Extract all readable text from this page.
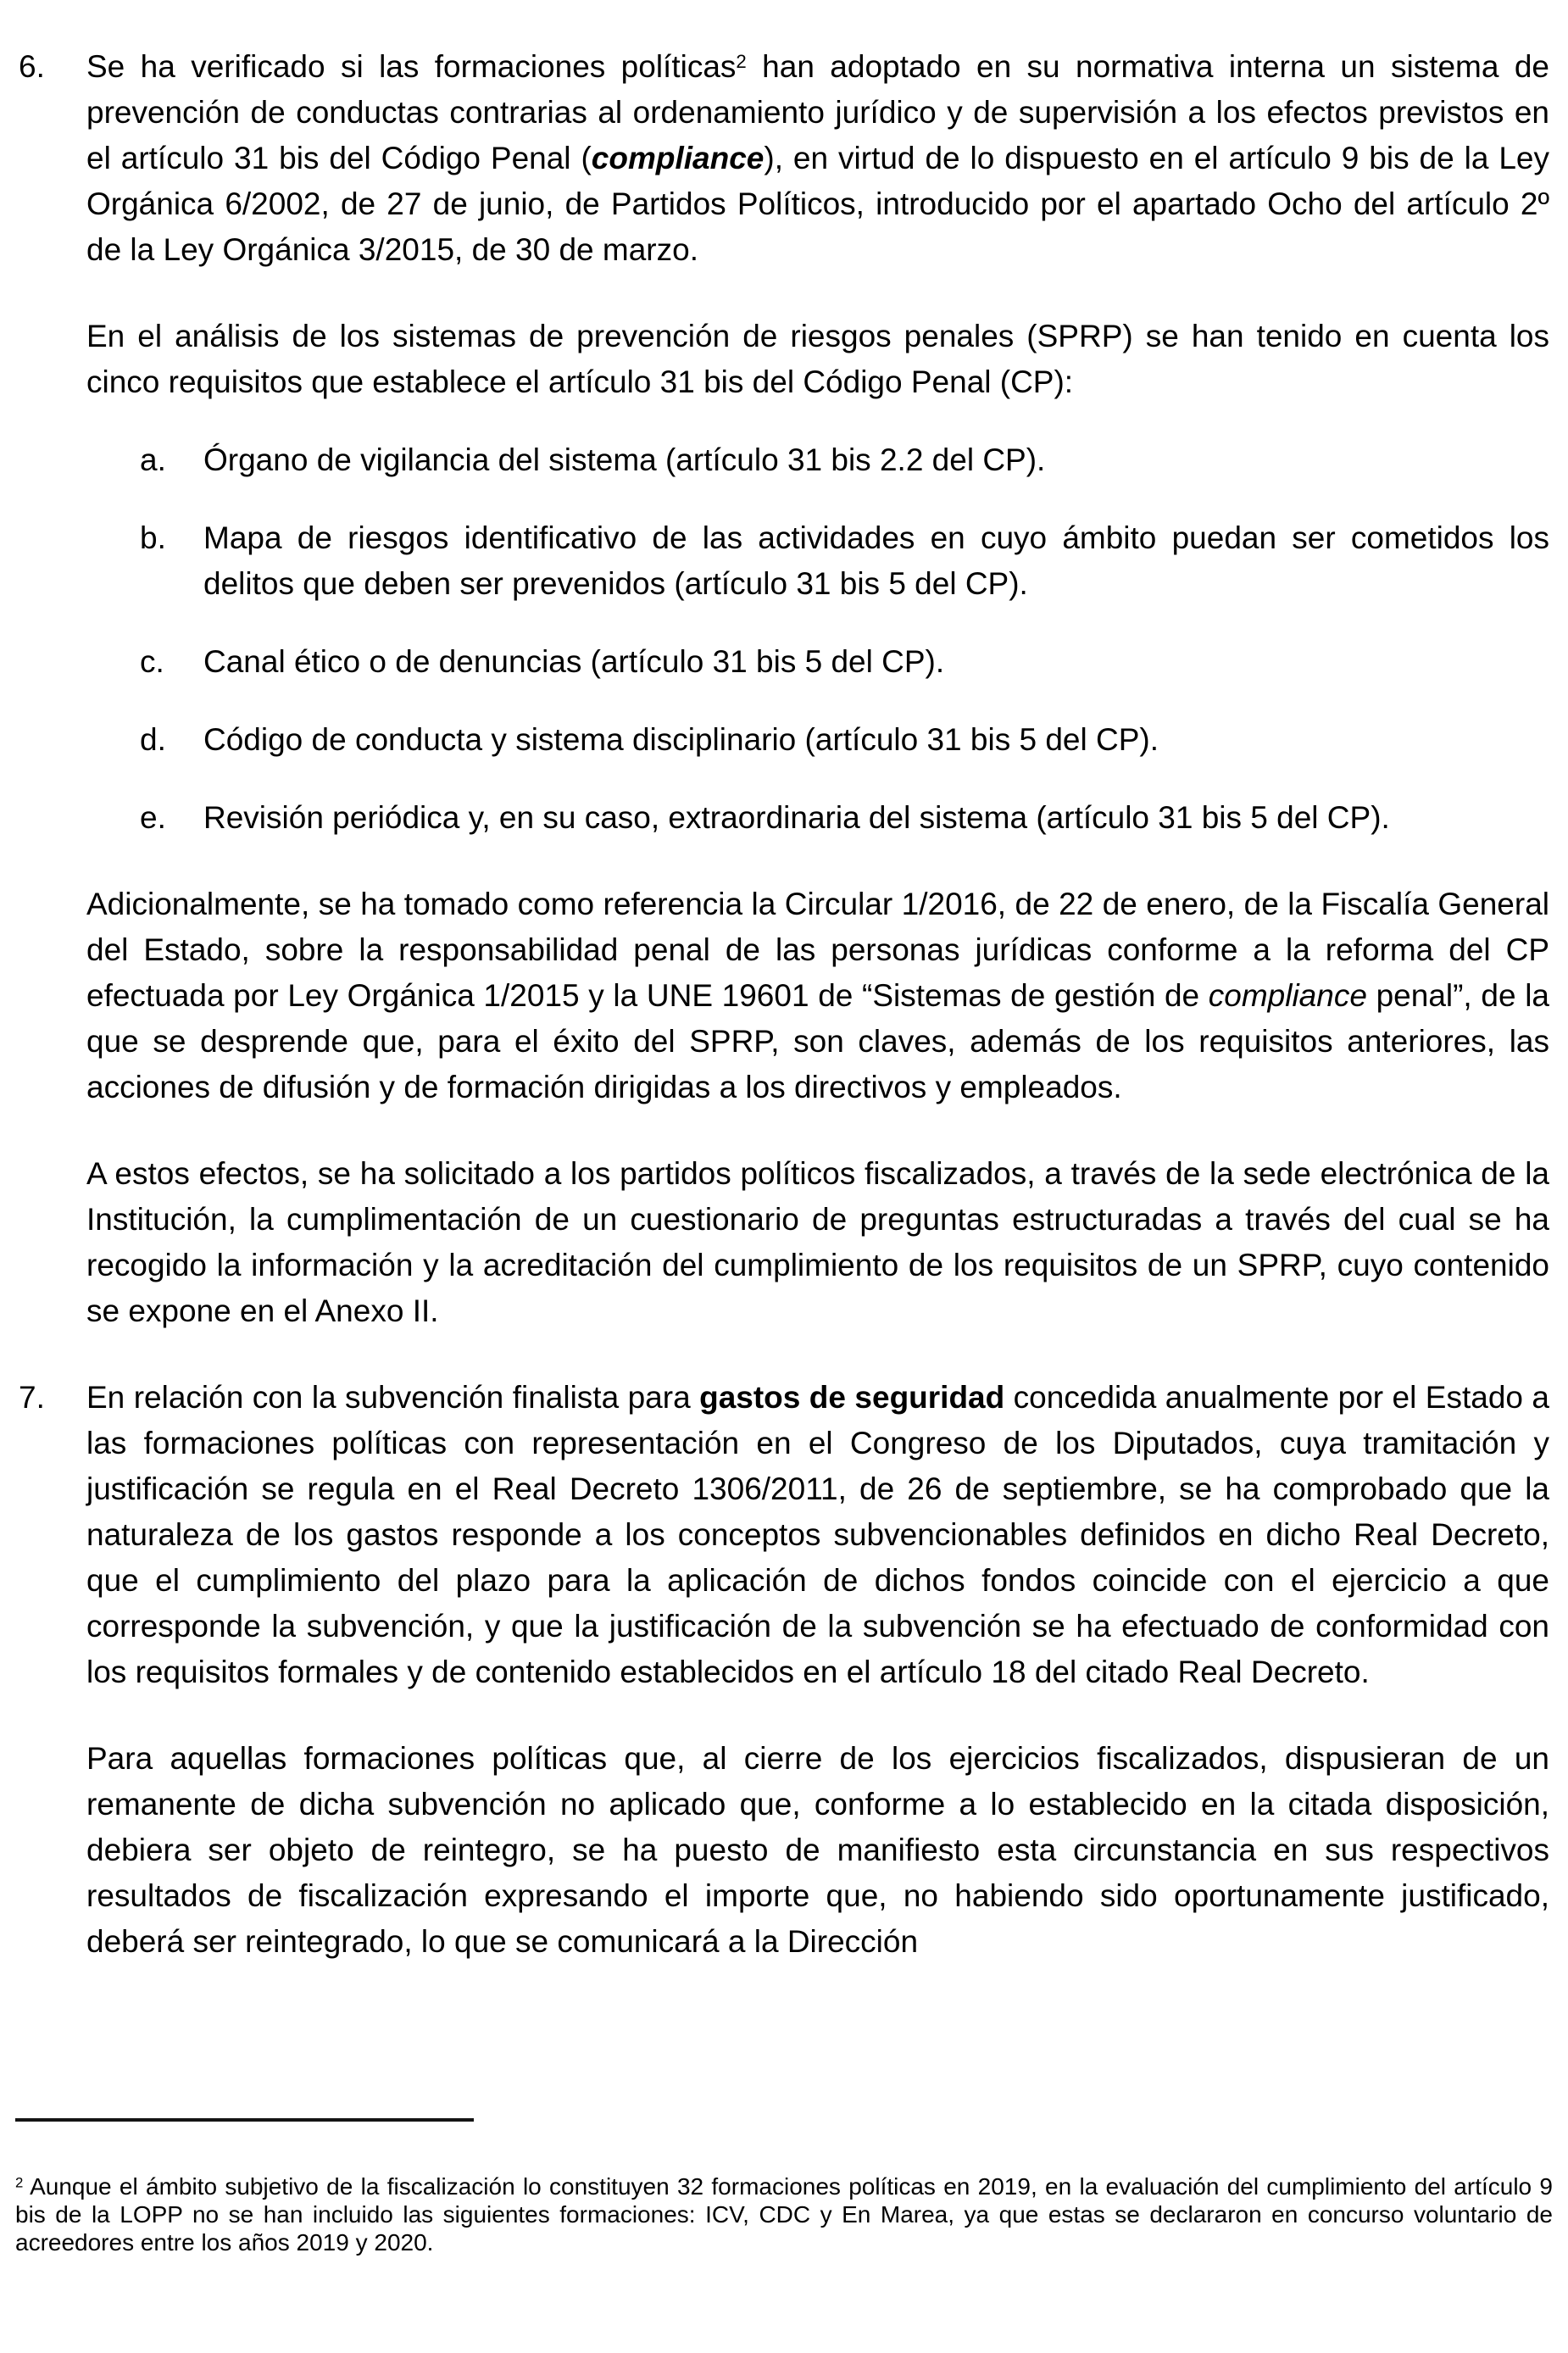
6.	Se ha verificado si las formaciones políticas$^2$ han adoptado en su normativa interna un sistema de prevención de conductas contrarias al ordenamiento jurídico y de supervisión a los efectos previstos en el artículo 31 bis del Código Penal (compliance), en virtud de lo dispuesto en el artículo 9 bis de la Ley Orgánica 6/2002, de 27 de junio, de Partidos Políticos, introducido por el apartado Ocho del artículo 2º de la Ley Orgánica 3/2015, de 30 de marzo.
En el análisis de los sistemas de prevención de riesgos penales (SPRP) se han tenido en cuenta los cinco requisitos que establece el artículo 31 bis del Código Penal (CP):
a.	Órgano de vigilancia del sistema (artículo 31 bis 2.2 del CP).
b.	Mapa de riesgos identificativo de las actividades en cuyo ámbito puedan ser cometidos los delitos que deben ser prevenidos (artículo 31 bis 5 del CP).
c.	Canal ético o de denuncias (artículo 31 bis 5 del CP).
d.	Código de conducta y sistema disciplinario (artículo 31 bis 5 del CP).
e.	Revisión periódica y, en su caso, extraordinaria del sistema (artículo 31 bis 5 del CP).
Adicionalmente, se ha tomado como referencia la Circular 1/2016, de 22 de enero, de la Fiscalía General del Estado, sobre la responsabilidad penal de las personas jurídicas conforme a la reforma del CP efectuada por Ley Orgánica 1/2015 y la UNE 19601 de “Sistemas de gestión de compliance penal”, de la que se desprende que, para el éxito del SPRP, son claves, además de los requisitos anteriores, las acciones de difusión y de formación dirigidas a los directivos y empleados.
A estos efectos, se ha solicitado a los partidos políticos fiscalizados, a través de la sede electrónica de la Institución, la cumplimentación de un cuestionario de preguntas estructuradas a través del cual se ha recogido la información y la acreditación del cumplimiento de los requisitos de un SPRP, cuyo contenido se expone en el Anexo II.
7.	En relación con la subvención finalista para gastos de seguridad concedida anualmente por el Estado a las formaciones políticas con representación en el Congreso de los Diputados, cuya tramitación y justificación se regula en el Real Decreto 1306/2011, de 26 de septiembre, se ha comprobado que la naturaleza de los gastos responde a los conceptos subvencionables definidos en dicho Real Decreto, que el cumplimiento del plazo para la aplicación de dichos fondos coincide con el ejercicio a que corresponde la subvención, y que la justificación de la subvención se ha efectuado de conformidad con los requisitos formales y de contenido establecidos en el artículo 18 del citado Real Decreto.
Para aquellas formaciones políticas que, al cierre de los ejercicios fiscalizados, dispusieran de un remanente de dicha subvención no aplicado que, conforme a lo establecido en la citada disposición, debiera ser objeto de reintegro, se ha puesto de manifiesto esta circunstancia en sus respectivos resultados de fiscalización expresando el importe que, no habiendo sido oportunamente justificado, deberá ser reintegrado, lo que se comunicará a la Dirección

$^2$ Aunque el ámbito subjetivo de la fiscalización lo constituyen 32 formaciones políticas en 2019, en la evaluación del cumplimiento del artículo 9 bis de la LOPP no se han incluido las siguientes formaciones: ICV, CDC y En Marea, ya que estas se declararon en concurso voluntario de acreedores entre los años 2019 y 2020.
